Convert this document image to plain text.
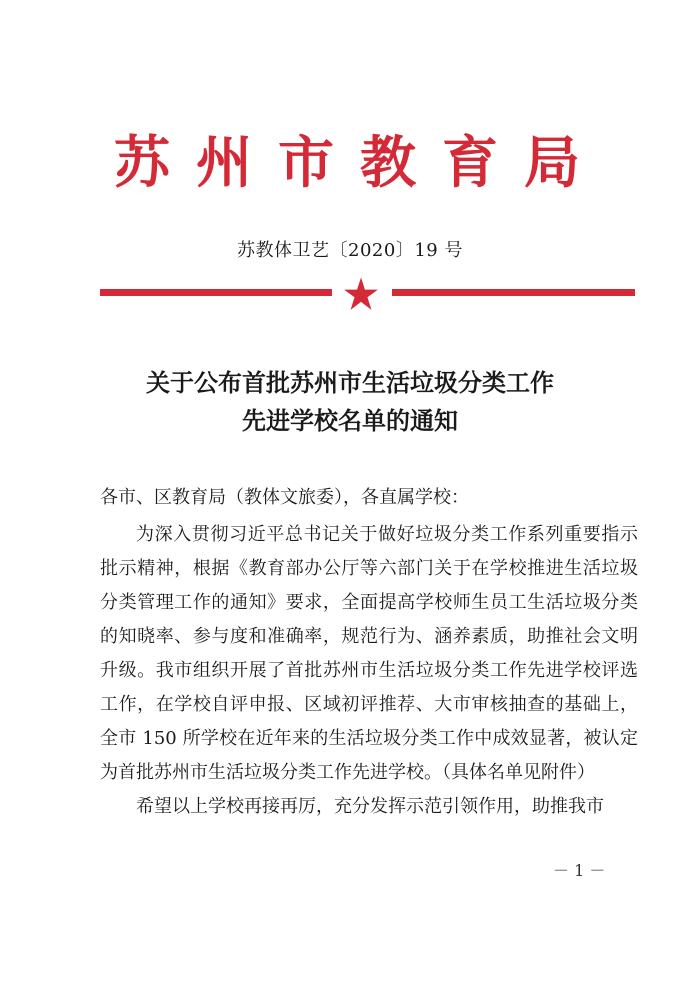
苏州市教育局
苏教体卫艺〔2020〕19 号
关于公布首批苏州市生活垃圾分类工作
先进学校名单的通知
各市、区教育局（教体文旅委），各直属学校：

为深入贯彻习近平总书记关于做好垃圾分类工作系列重要指示批示精神，根据《教育部办公厅等六部门关于在学校推进生活垃圾分类管理工作的通知》要求，全面提高学校师生员工生活垃圾分类的知晓率、参与度和准确率，规范行为、涵养素质，助推社会文明升级。我市组织开展了首批苏州市生活垃圾分类工作先进学校评选工作，在学校自评申报、区域初评推荐、大市审核抽查的基础上，全市 150 所学校在近年来的生活垃圾分类工作中成效显著，被认定为首批苏州市生活垃圾分类工作先进学校。（具体名单见附件）

希望以上学校再接再厉，充分发挥示范引领作用，助推我市

－ 1 －
